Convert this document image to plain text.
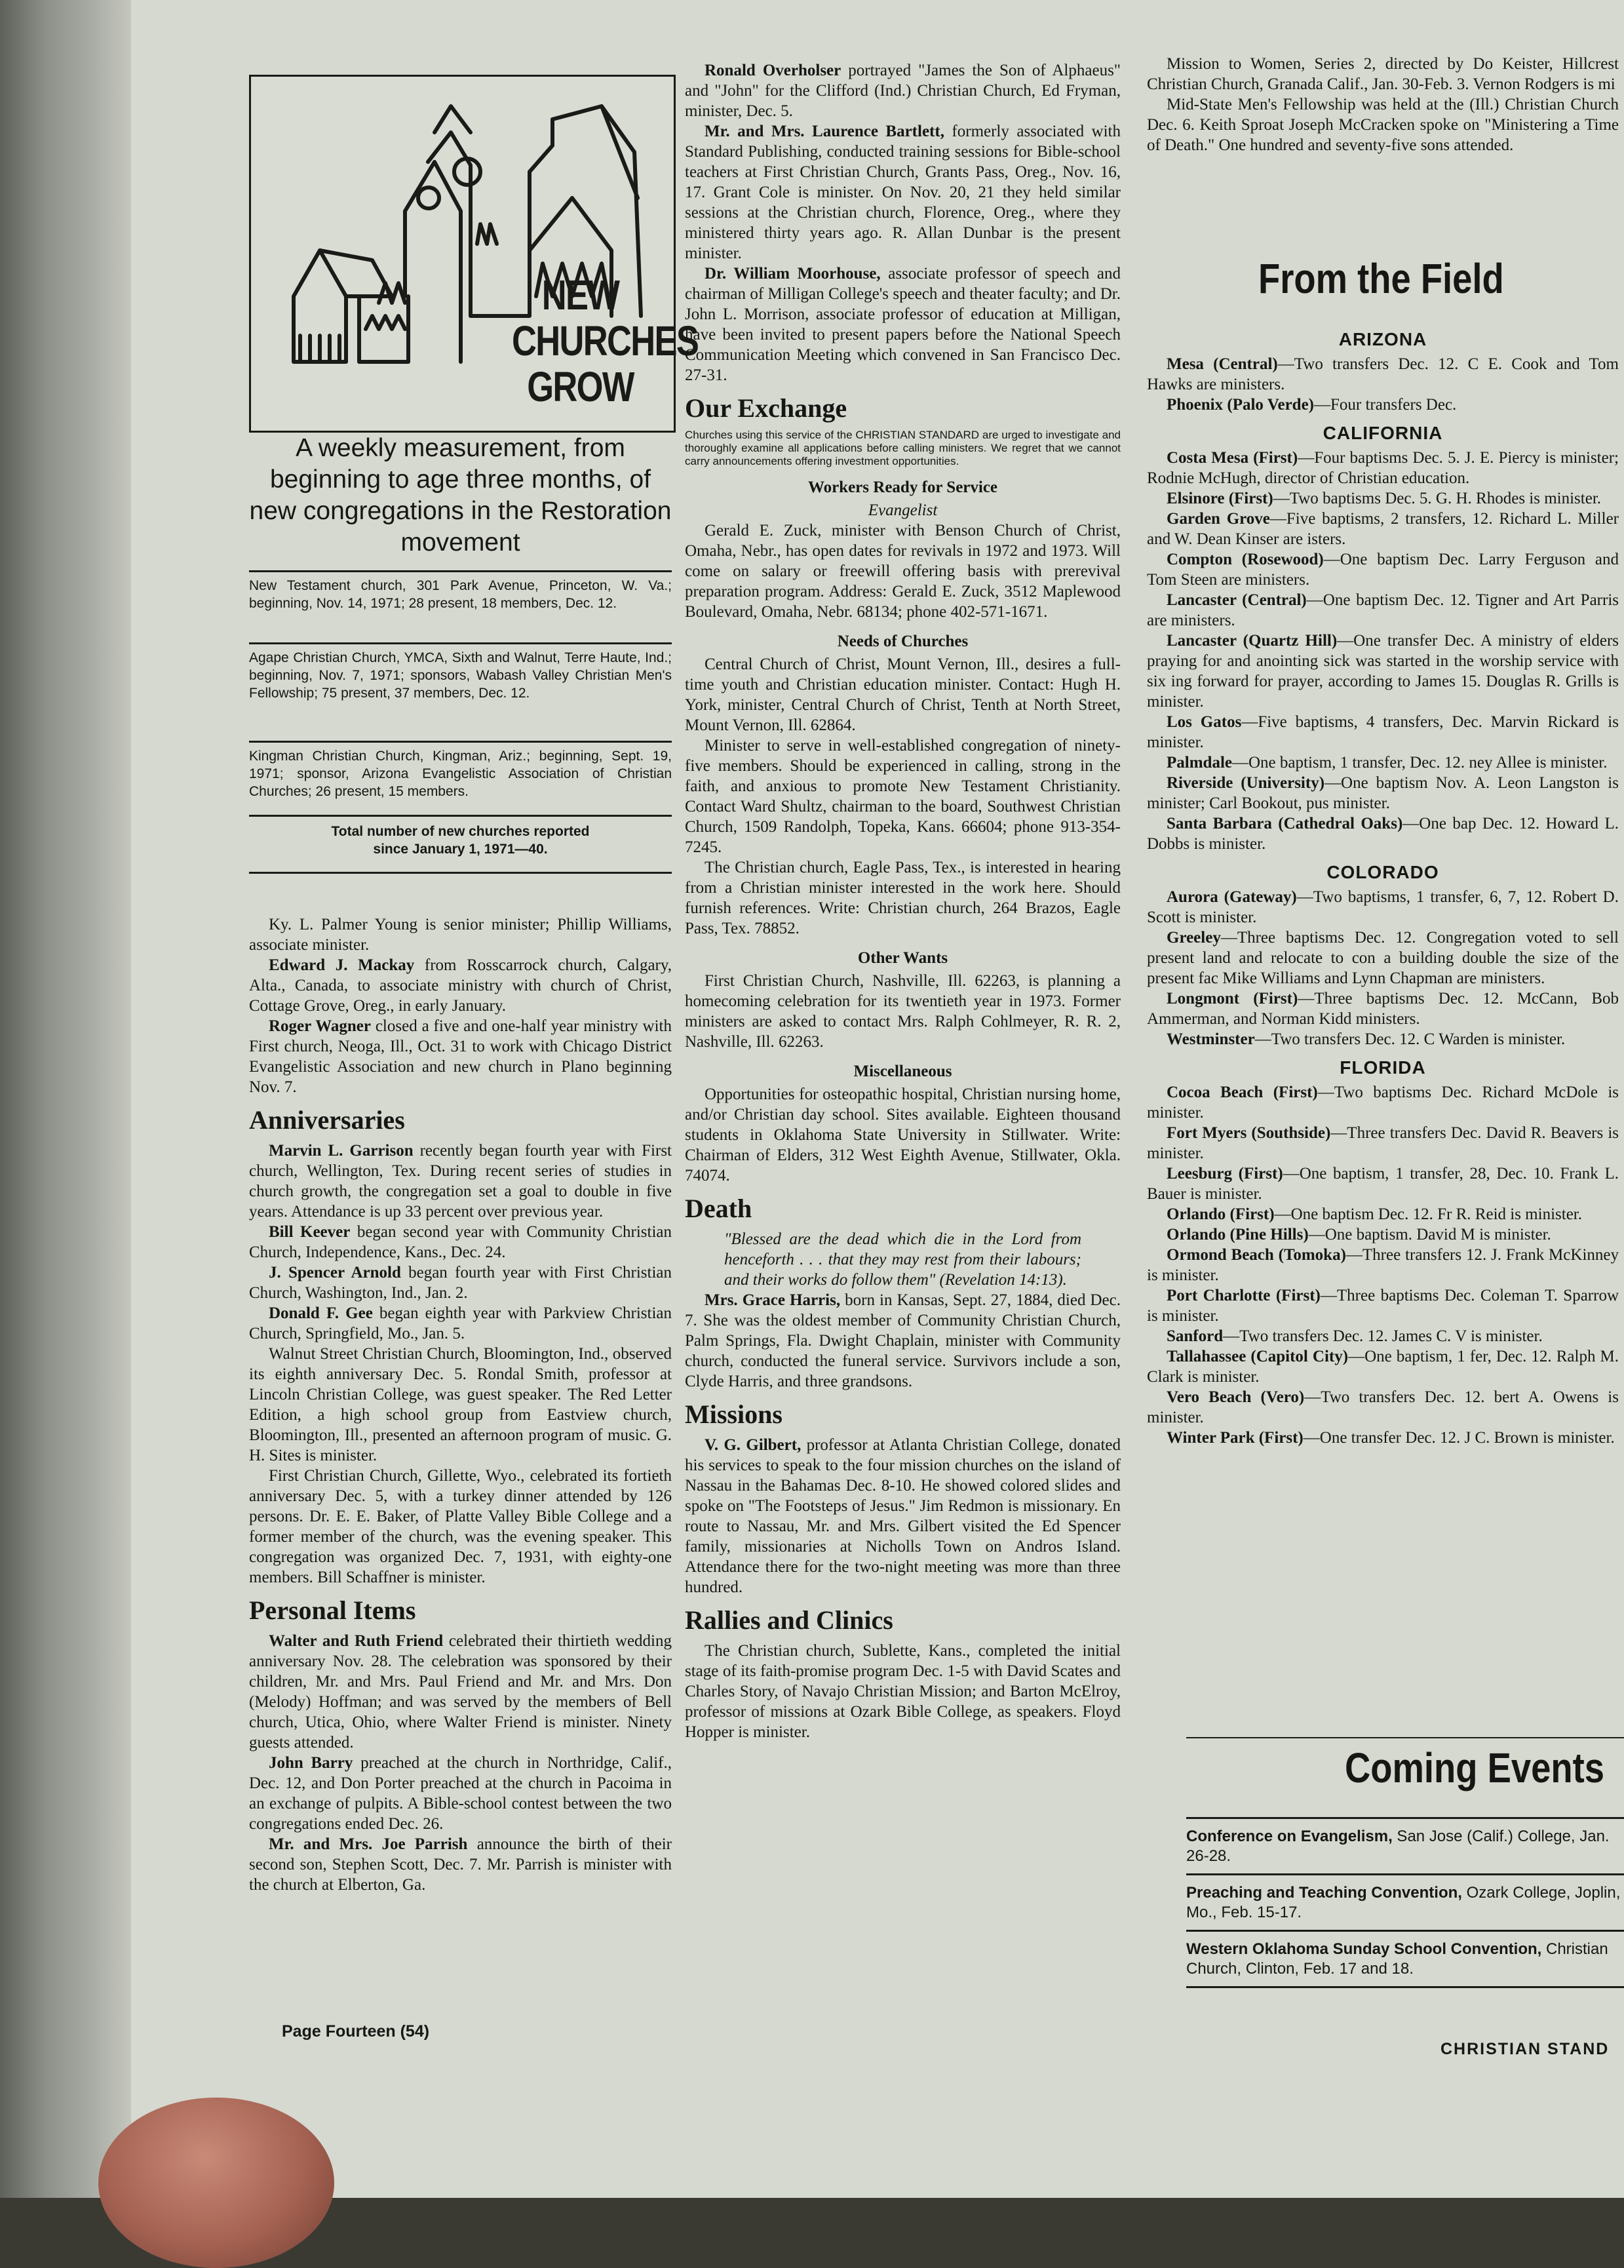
NEW
CHURCHES
GROW
A weekly measurement, from beginning to age three months, of new congregations in the Restoration movement
New Testament church, 301 Park Avenue, Princeton, W. Va.; beginning, Nov. 14, 1971; 28 present, 18 members, Dec. 12.
Agape Christian Church, YMCA, Sixth and Walnut, Terre Haute, Ind.; beginning, Nov. 7, 1971; sponsors, Wabash Valley Christian Men's Fellowship; 75 present, 37 members, Dec. 12.
Kingman Christian Church, Kingman, Ariz.; beginning, Sept. 19, 1971; sponsor, Arizona Evangelistic Association of Christian Churches; 26 present, 15 members.
Total number of new churches reported
since January 1, 1971—40.

Ky. L. Palmer Young is senior minister; Phillip Williams, associate minister.

Edward J. Mackay from Rosscarrock church, Calgary, Alta., Canada, to associate ministry with church of Christ, Cottage Grove, Oreg., in early January.

Roger Wagner closed a five and one-half year ministry with First church, Neoga, Ill., Oct. 31 to work with Chicago District Evangelistic Association and new church in Plano beginning Nov. 7.

Anniversaries

Marvin L. Garrison recently began fourth year with First church, Wellington, Tex. During recent series of studies in church growth, the congregation set a goal to double in five years. Attendance is up 33 percent over previous year.

Bill Keever began second year with Community Christian Church, Independence, Kans., Dec. 24.

J. Spencer Arnold began fourth year with First Christian Church, Washington, Ind., Jan. 2.

Donald F. Gee began eighth year with Parkview Christian Church, Springfield, Mo., Jan. 5.

Walnut Street Christian Church, Bloomington, Ind., observed its eighth anniversary Dec. 5. Rondal Smith, professor at Lincoln Christian College, was guest speaker. The Red Letter Edition, a high school group from Eastview church, Bloomington, Ill., presented an afternoon program of music. G. H. Sites is minister.

First Christian Church, Gillette, Wyo., celebrated its fortieth anniversary Dec. 5, with a turkey dinner attended by 126 persons. Dr. E. E. Baker, of Platte Valley Bible College and a former member of the church, was the evening speaker. This congregation was organized Dec. 7, 1931, with eighty-one members. Bill Schaffner is minister.

Personal Items

Walter and Ruth Friend celebrated their thirtieth wedding anniversary Nov. 28. The celebration was sponsored by their children, Mr. and Mrs. Paul Friend and Mr. and Mrs. Don (Melody) Hoffman; and was served by the members of Bell church, Utica, Ohio, where Walter Friend is minister. Ninety guests attended.

John Barry preached at the church in Northridge, Calif., Dec. 12, and Don Porter preached at the church in Pacoima in an exchange of pulpits. A Bible-school contest between the two congregations ended Dec. 26.

Mr. and Mrs. Joe Parrish announce the birth of their second son, Stephen Scott, Dec. 7. Mr. Parrish is minister with the church at Elberton, Ga.

Ronald Overholser portrayed "James the Son of Alphaeus" and "John" for the Clifford (Ind.) Christian Church, Ed Fryman, minister, Dec. 5.

Mr. and Mrs. Laurence Bartlett, formerly associated with Standard Publishing, conducted training sessions for Bible-school teachers at First Christian Church, Grants Pass, Oreg., Nov. 16, 17. Grant Cole is minister. On Nov. 20, 21 they held similar sessions at the Christian church, Florence, Oreg., where they ministered thirty years ago. R. Allan Dunbar is the present minister.

Dr. William Moorhouse, associate professor of speech and chairman of Milligan College's speech and theater faculty; and Dr. John L. Morrison, associate professor of education at Milligan, have been invited to present papers before the National Speech Communication Meeting which convened in San Francisco Dec. 27-31.

Our Exchange
Churches using this service of the CHRISTIAN STANDARD are urged to investigate and thoroughly examine all applications before calling ministers. We regret that we cannot carry announcements offering investment opportunities.
Workers Ready for Service
Evangelist

Gerald E. Zuck, minister with Benson Church of Christ, Omaha, Nebr., has open dates for revivals in 1972 and 1973. Will come on salary or freewill offering basis with prerevival preparation program. Address: Gerald E. Zuck, 3512 Maplewood Boulevard, Omaha, Nebr. 68134; phone 402-571-1671.

Needs of Churches

Central Church of Christ, Mount Vernon, Ill., desires a full-time youth and Christian education minister. Contact: Hugh H. York, minister, Central Church of Christ, Tenth at North Street, Mount Vernon, Ill. 62864.

Minister to serve in well-established congregation of ninety-five members. Should be experienced in calling, strong in the faith, and anxious to promote New Testament Christianity. Contact Ward Shultz, chairman to the board, Southwest Christian Church, 1509 Randolph, Topeka, Kans. 66604; phone 913-354-7245.

The Christian church, Eagle Pass, Tex., is interested in hearing from a Christian minister interested in the work here. Should furnish references. Write: Christian church, 264 Brazos, Eagle Pass, Tex. 78852.

Other Wants

First Christian Church, Nashville, Ill. 62263, is planning a homecoming celebration for its twentieth year in 1973. Former ministers are asked to contact Mrs. Ralph Cohlmeyer, R. R. 2, Nashville, Ill. 62263.

Miscellaneous

Opportunities for osteopathic hospital, Christian nursing home, and/or Christian day school. Sites available. Eighteen thousand students in Oklahoma State University in Stillwater. Write: Chairman of Elders, 312 West Eighth Avenue, Stillwater, Okla. 74074.

Death

"Blessed are the dead which die in the Lord from henceforth . . . that they may rest from their labours; and their works do follow them" (Revelation 14:13).

Mrs. Grace Harris, born in Kansas, Sept. 27, 1884, died Dec. 7. She was the oldest member of Community Christian Church, Palm Springs, Fla. Dwight Chaplain, minister with Community church, conducted the funeral service. Survivors include a son, Clyde Harris, and three grandsons.

Missions

V. G. Gilbert, professor at Atlanta Christian College, donated his services to speak to the four mission churches on the island of Nassau in the Bahamas Dec. 8-10. He showed colored slides and spoke on "The Footsteps of Jesus." Jim Redmon is missionary. En route to Nassau, Mr. and Mrs. Gilbert visited the Ed Spencer family, missionaries at Nicholls Town on Andros Island. Attendance there for the two-night meeting was more than three hundred.

Rallies and Clinics

The Christian church, Sublette, Kans., completed the initial stage of its faith-promise program Dec. 1-5 with David Scates and Charles Story, of Navajo Christian Mission; and Barton McElroy, professor of missions at Ozark Bible College, as speakers. Floyd Hopper is minister.

Mission to Women, Series 2, directed by Do Keister, Hillcrest Christian Church, Granada Calif., Jan. 30-Feb. 3. Vernon Rodgers is mi

Mid-State Men's Fellowship was held at the (Ill.) Christian Church Dec. 6. Keith Sproat Joseph McCracken spoke on "Ministering a Time of Death." One hundred and seventy-five sons attended.

From the Field
ARIZONA

Mesa (Central)—Two transfers Dec. 12. C E. Cook and Tom Hawks are ministers.

Phoenix (Palo Verde)—Four transfers Dec.

CALIFORNIA

Costa Mesa (First)—Four baptisms Dec. 5. J. E. Piercy is minister; Rodnie McHugh, director of Christian education.

Elsinore (First)—Two baptisms Dec. 5. G. H. Rhodes is minister.

Garden Grove—Five baptisms, 2 transfers, 12. Richard L. Miller and W. Dean Kinser are isters.

Compton (Rosewood)—One baptism Dec. Larry Ferguson and Tom Steen are ministers.

Lancaster (Central)—One baptism Dec. 12. Tigner and Art Parris are ministers.

Lancaster (Quartz Hill)—One transfer Dec. A ministry of elders praying for and anointing sick was started in the worship service with six ing forward for prayer, according to James 15. Douglas R. Grills is minister.

Los Gatos—Five baptisms, 4 transfers, Dec. Marvin Rickard is minister.

Palmdale—One baptism, 1 transfer, Dec. 12. ney Allee is minister.

Riverside (University)—One baptism Nov. A. Leon Langston is minister; Carl Bookout, pus minister.

Santa Barbara (Cathedral Oaks)—One bap Dec. 12. Howard L. Dobbs is minister.

COLORADO

Aurora (Gateway)—Two baptisms, 1 transfer, 6, 7, 12. Robert D. Scott is minister.

Greeley—Three baptisms Dec. 12. Congregation voted to sell present land and relocate to con a building double the size of the present fac Mike Williams and Lynn Chapman are ministers.

Longmont (First)—Three baptisms Dec. 12. McCann, Bob Ammerman, and Norman Kidd ministers.

Westminster—Two transfers Dec. 12. C Warden is minister.

FLORIDA

Cocoa Beach (First)—Two baptisms Dec. Richard McDole is minister.

Fort Myers (Southside)—Three transfers Dec. David R. Beavers is minister.

Leesburg (First)—One baptism, 1 transfer, 28, Dec. 10. Frank L. Bauer is minister.

Orlando (First)—One baptism Dec. 12. Fr R. Reid is minister.

Orlando (Pine Hills)—One baptism. David M is minister.

Ormond Beach (Tomoka)—Three transfers 12. J. Frank McKinney is minister.

Port Charlotte (First)—Three baptisms Dec. Coleman T. Sparrow is minister.

Sanford—Two transfers Dec. 12. James C. V is minister.

Tallahassee (Capitol City)—One baptism, 1 fer, Dec. 12. Ralph M. Clark is minister.

Vero Beach (Vero)—Two transfers Dec. 12. bert A. Owens is minister.

Winter Park (First)—One transfer Dec. 12. J C. Brown is minister.

Coming Events
Conference on Evangelism, San Jose (Calif.) College, Jan. 26-28.
Preaching and Teaching Convention, Ozark College, Joplin, Mo., Feb. 15-17.
Western Oklahoma Sunday School Convention, Christian Church, Clinton, Feb. 17 and 18.
Page Fourteen (54)
CHRISTIAN STAND
